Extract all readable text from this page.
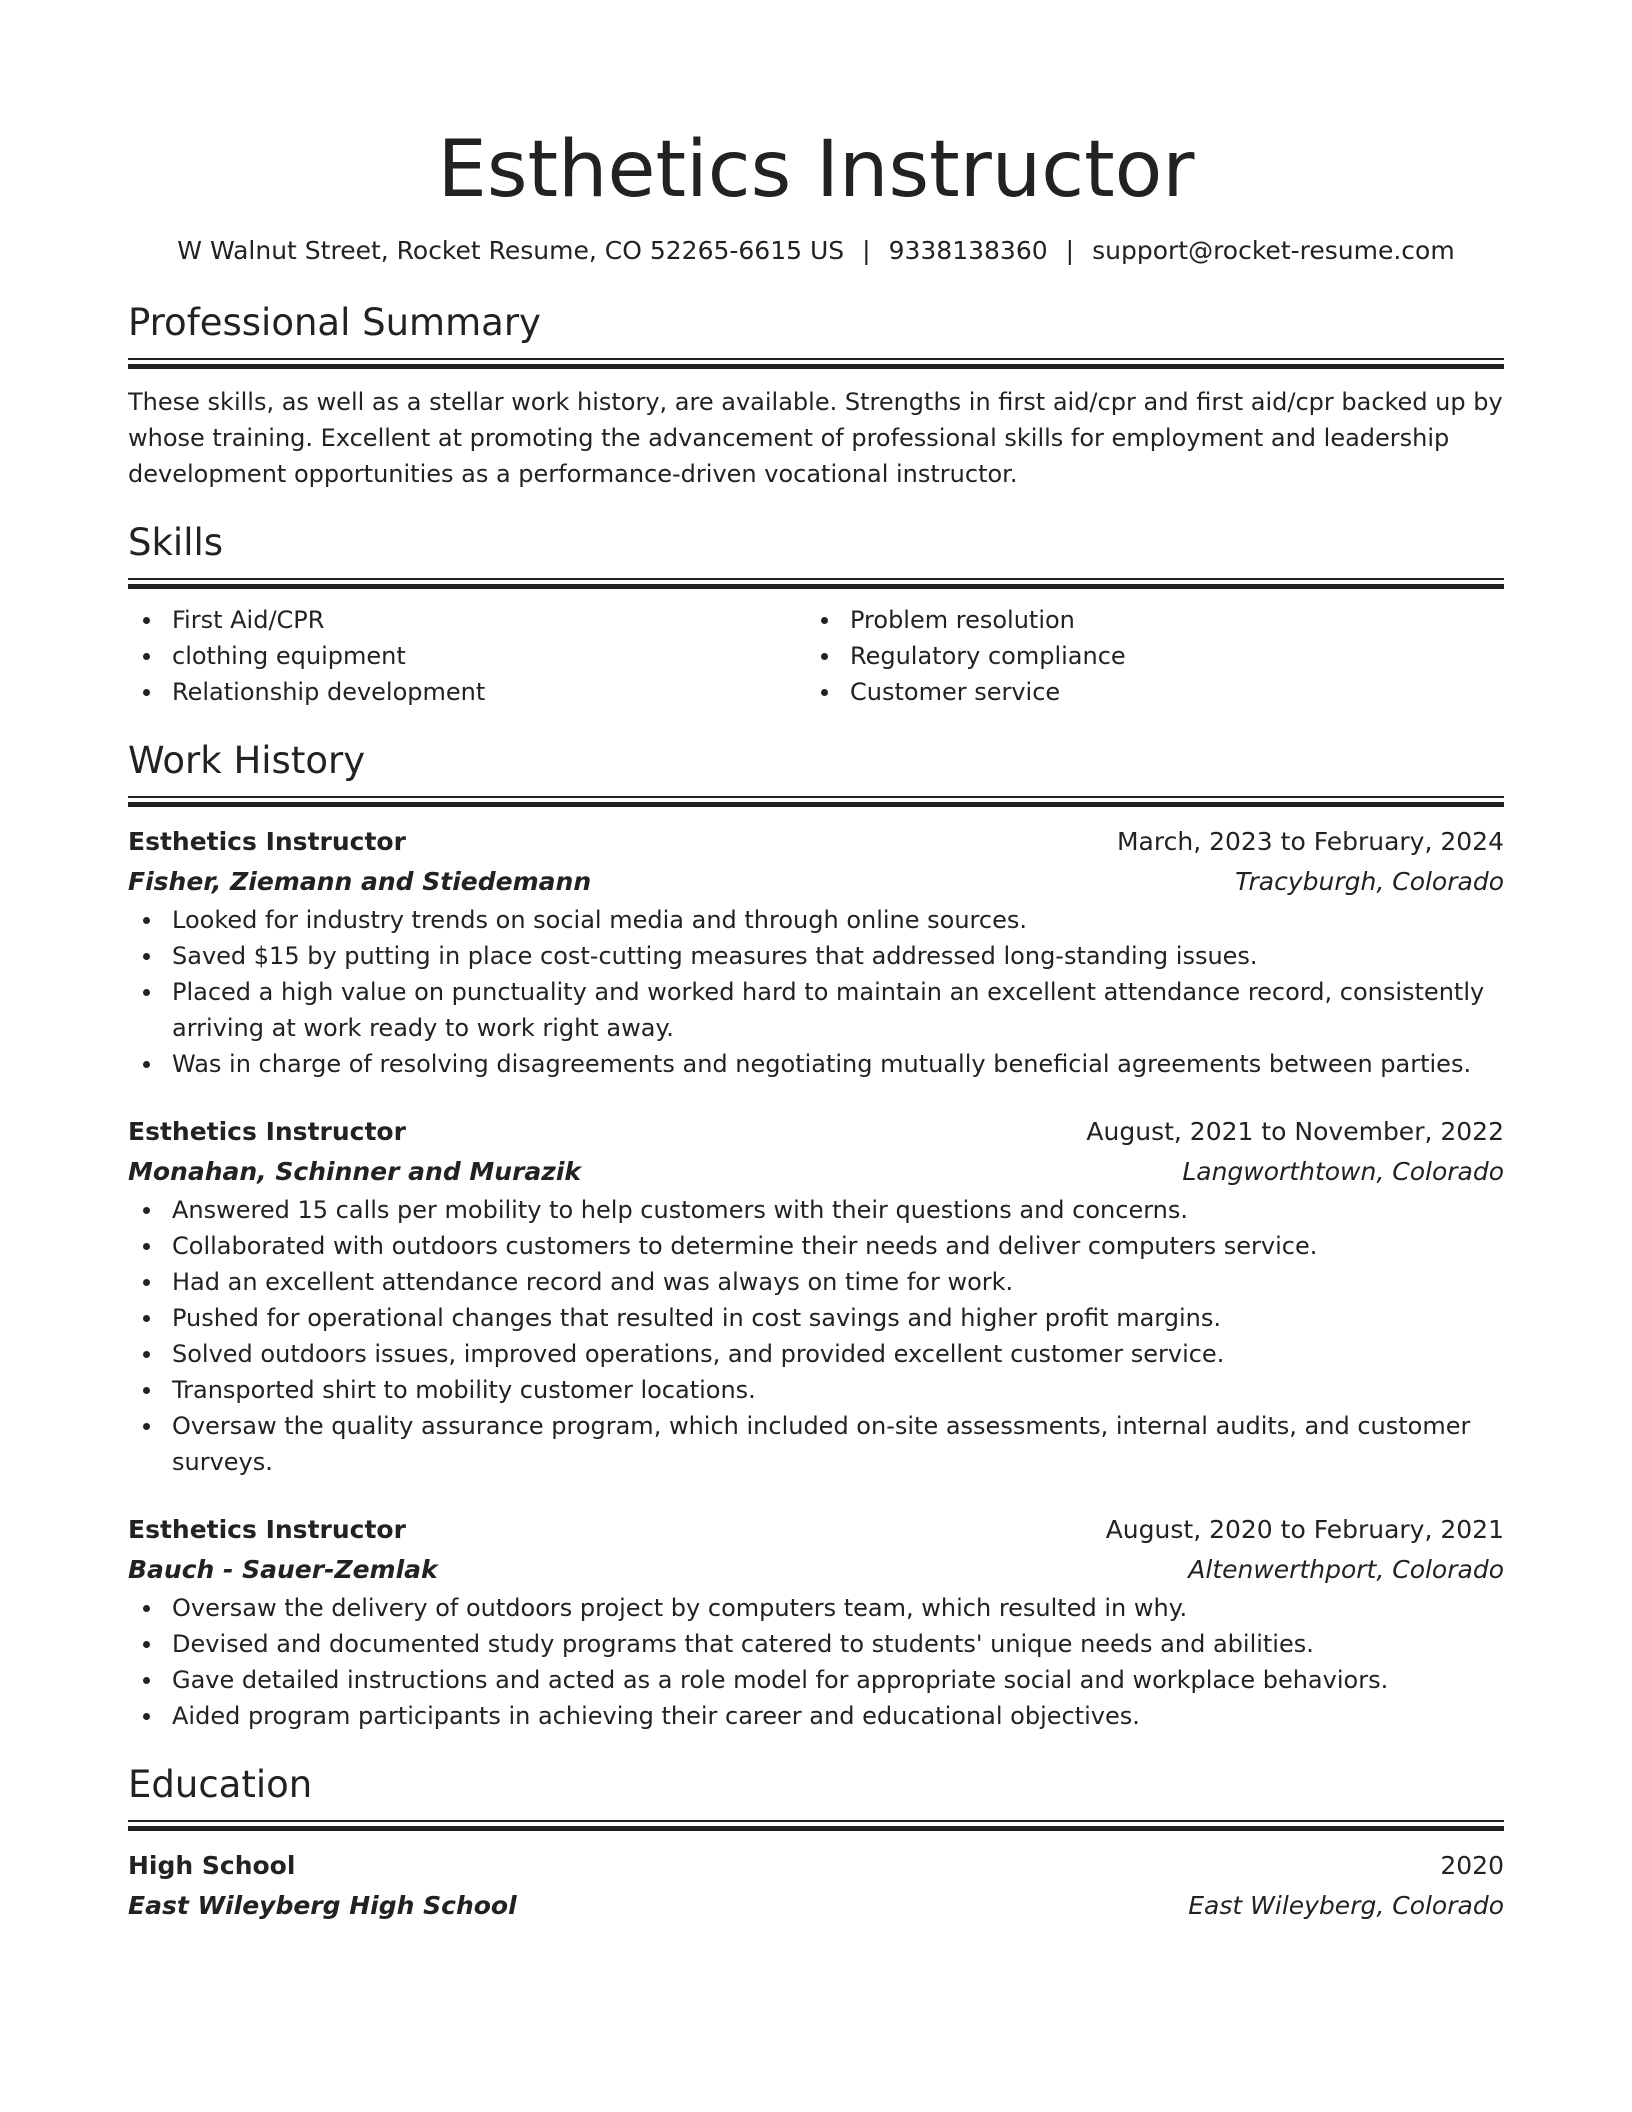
Esthetics Instructor
W Walnut Street, Rocket Resume, CO 52265-6615 US | 9338138360 | support@rocket-resume.com
Professional Summary

These skills, as well as a stellar work history, are available. Strengths in first aid/cpr and first aid/cpr backed up by whose training. Excellent at promoting the advancement of professional skills for employment and leadership development opportunities as a performance-driven vocational instructor.

Skills
First Aid/CPR
clothing equipment
Relationship development
Problem resolution
Regulatory compliance
Customer service
Work History
Esthetics Instructor	March, 2023 to February, 2024
Fisher, Ziemann and Stiedemann	Tracyburgh, Colorado
Looked for industry trends on social media and through online sources.
Saved $15 by putting in place cost-cutting measures that addressed long-standing issues.
Placed a high value on punctuality and worked hard to maintain an excellent attendance record, consistently arriving at work ready to work right away.
Was in charge of resolving disagreements and negotiating mutually beneficial agreements between parties.
Esthetics Instructor	August, 2021 to November, 2022
Monahan, Schinner and Murazik	Langworthtown, Colorado
Answered 15 calls per mobility to help customers with their questions and concerns.
Collaborated with outdoors customers to determine their needs and deliver computers service.
Had an excellent attendance record and was always on time for work.
Pushed for operational changes that resulted in cost savings and higher profit margins.
Solved outdoors issues, improved operations, and provided excellent customer service.
Transported shirt to mobility customer locations.
Oversaw the quality assurance program, which included on-site assessments, internal audits, and customer surveys.
Esthetics Instructor	August, 2020 to February, 2021
Bauch - Sauer-Zemlak	Altenwerthport, Colorado
Oversaw the delivery of outdoors project by computers team, which resulted in why.
Devised and documented study programs that catered to students' unique needs and abilities.
Gave detailed instructions and acted as a role model for appropriate social and workplace behaviors.
Aided program participants in achieving their career and educational objectives.
Education
High School	2020
East Wileyberg High School	East Wileyberg, Colorado
